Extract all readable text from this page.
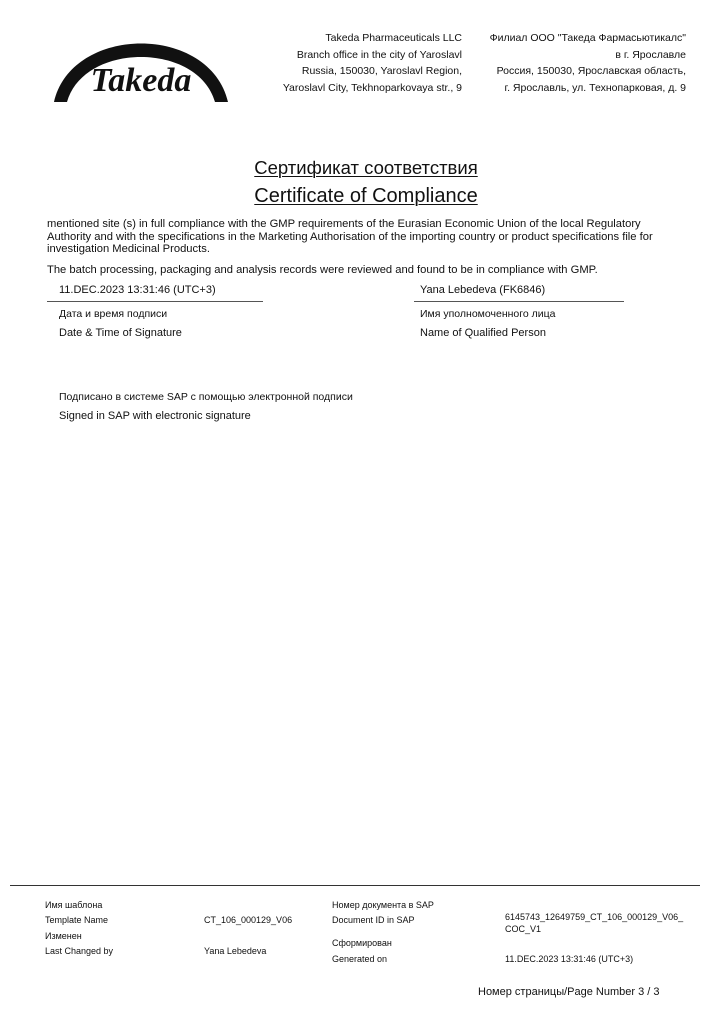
Takeda
Takeda Pharmaceuticals LLC
Branch office in the city of Yaroslavl
Russia, 150030, Yaroslavl Region,
Yaroslavl City, Tekhnoparkovaya str., 9
Филиал ООО "Такеда Фармасьютикалс"
в г. Ярославле
Россия, 150030, Ярославская область,
г. Ярославль, ул. Технопарковая, д. 9
Сертификат соответствия
Certificate of Compliance
mentioned site (s) in full compliance with the GMP requirements of the Eurasian Economic Union of the local Regulatory Authority and with the specifications in the Marketing Authorisation of the importing country or product specifications file for investigation Medicinal Products.
The batch processing, packaging and analysis records were reviewed and found to be in compliance with GMP.
11.DEC.2023 13:31:46 (UTC+3)
Дата и время подписи
Date & Time of Signature
Yana Lebedeva (FK6846)
Имя уполномоченного лица
Name of Qualified Person
Подписано в системе SAP с помощью электронной подписи
Signed in SAP with electronic signature
Имя шаблона
Template Name	CT_106_000129_V06
Изменен
Last Changed by	Yana Lebedeva
Номер документа в SAP
Document ID in SAP	6145743_12649759_CT_106_000129_V06_
COC_V1
Сформирован
Generated on	11.DEC.2023 13:31:46 (UTC+3)
Номер страницы/Page Number 3 / 3
